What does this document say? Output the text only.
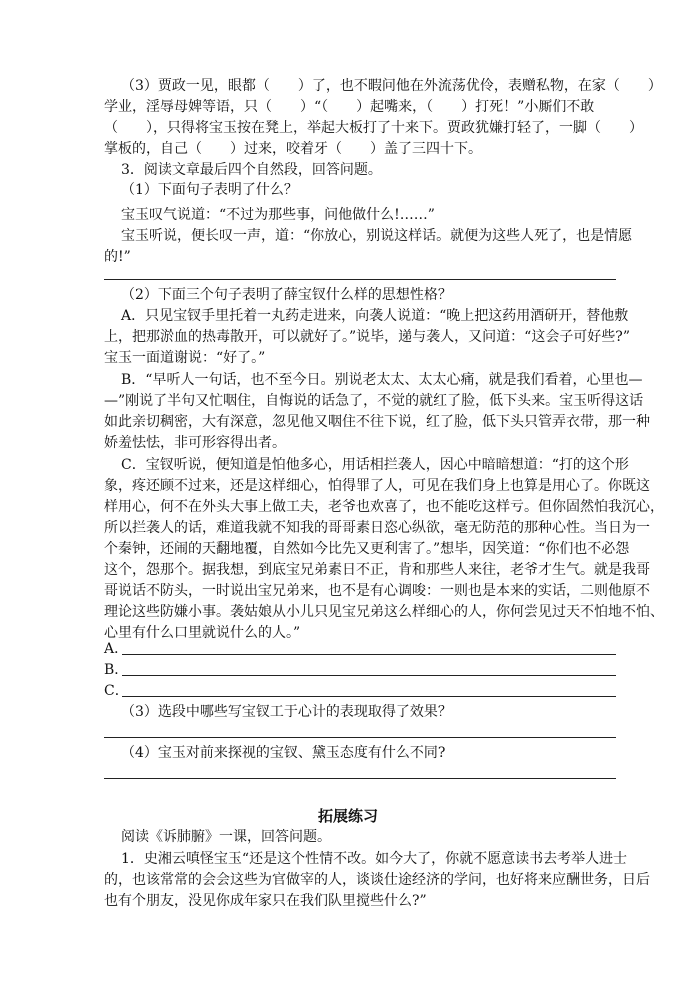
（3）贾政一见，眼都（　　）了，也不暇问他在外流荡优伶，表赠私物，在家（　　）
学业，淫辱母婢等语，只（　　）“（　　）起嘴来，（　　）打死！”小厮们不敢
（　　），只得将宝玉按在凳上，举起大板打了十来下。贾政犹嫌打轻了，一脚（　　）
掌板的，自己（　　）过来，咬着牙（　　）盖了三四十下。
3．阅读文章最后四个自然段，回答问题。
（1）下面句子表明了什么？
宝玉叹气说道：“不过为那些事，问他做什么!……”
宝玉听说，便长叹一声，道：“你放心，别说这样话。就便为这些人死了，也是情愿
的!”
（2）下面三个句子表明了薛宝钗什么样的思想性格？
A．只见宝钗手里托着一丸药走进来，向袭人说道：“晚上把这药用酒研开，替他敷
上，把那淤血的热毒散开，可以就好了。”说毕，递与袭人，又问道：“这会子可好些?”
宝玉一面道谢说：“好了。”
B．“早听人一句话，也不至今日。别说老太太、太太心痛，就是我们看着，心里也—
—”刚说了半句又忙咽住，自悔说的话急了，不觉的就红了脸，低下头来。宝玉听得这话
如此亲切稠密，大有深意，忽见他又咽住不往下说，红了脸，低下头只管弄衣带，那一种
娇羞怯怯，非可形容得出者。
C．宝钗听说，便知道是怕他多心，用话相拦袭人，因心中暗暗想道：“打的这个形
象，疼还顾不过来，还是这样细心，怕得罪了人，可见在我们身上也算是用心了。你既这
样用心，何不在外头大事上做工夫，老爷也欢喜了，也不能吃这样亏。但你固然怕我沉心，
所以拦袭人的话，难道我就不知我的哥哥素日恣心纵欲，毫无防范的那种心性。当日为一
个秦钟，还闹的天翻地覆，自然如今比先又更利害了。”想毕，因笑道：“你们也不必怨
这个，怨那个。据我想，到底宝兄弟素日不正，肯和那些人来往，老爷才生气。就是我哥
哥说话不防头，一时说出宝兄弟来，也不是有心调唆：一则也是本来的实话，二则他原不
理论这些防嫌小事。袭姑娘从小儿只见宝兄弟这么样细心的人，你何尝见过天不怕地不怕、
心里有什么口里就说什么的人。”
A．
B．
C．
（3）选段中哪些写宝钗工于心计的表现取得了效果？
（4）宝玉对前来探视的宝钗、黛玉态度有什么不同?
拓展练习
阅读《诉肺腑》一课，回答问题。
1．史湘云嗔怪宝玉“还是这个性情不改。如今大了，你就不愿意读书去考举人进士
的，也该常常的会会这些为官做宰的人，谈谈仕途经济的学问，也好将来应酬世务，日后
也有个朋友，没见你成年家只在我们队里搅些什么?”
